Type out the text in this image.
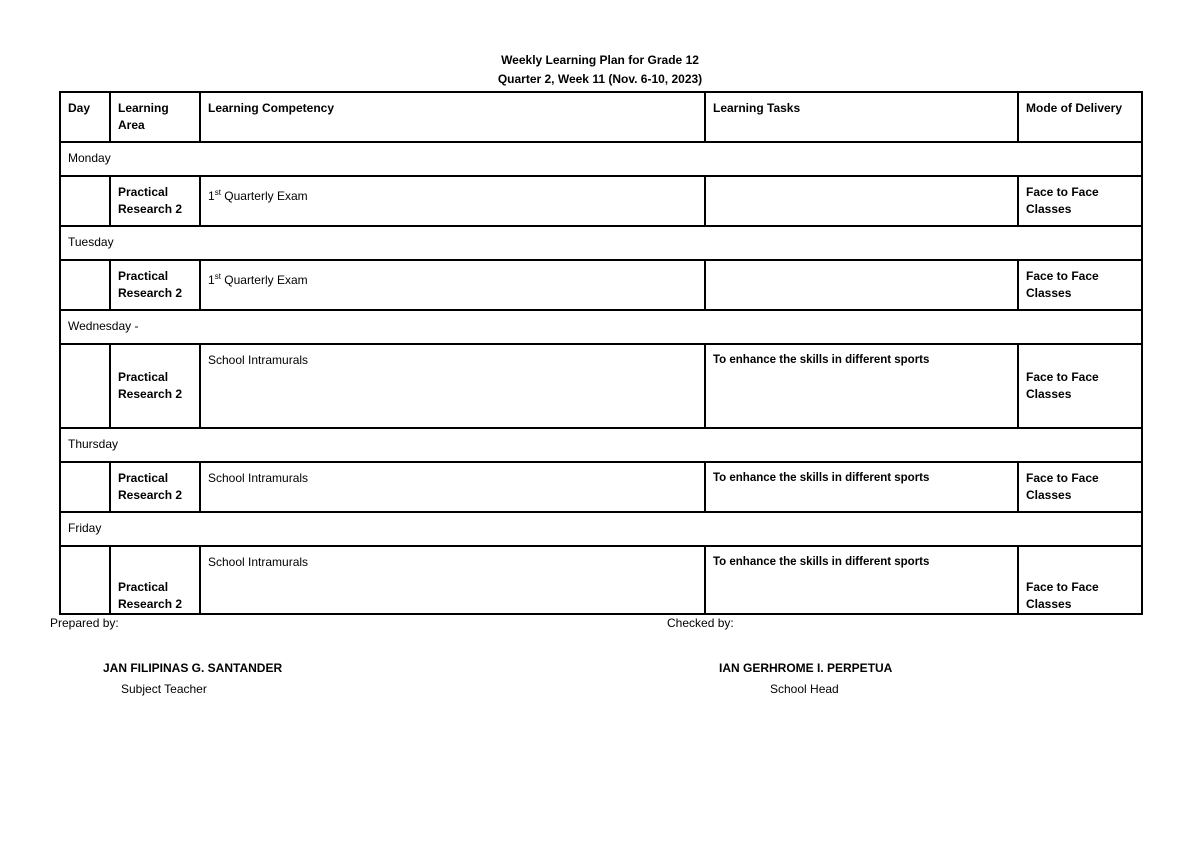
Weekly Learning Plan for Grade 12
Quarter 2, Week 11 (Nov. 6-10, 2023)
Day	Learning Area	Learning Competency	Learning Tasks	Mode of Delivery
Monday				
	Practical Research 2	1st Quarterly Exam		Face to Face Classes
Tuesday				
	Practical Research 2	1st Quarterly Exam		Face to Face Classes
Wednesday -				
	Practical Research 2	School Intramurals	To enhance the skills in different sports	Face to Face Classes
Thursday				
	Practical Research 2	School Intramurals	To enhance the skills in different sports	Face to Face Classes
Friday				
	Practical Research 2	School Intramurals	To enhance the skills in different sports	Face to Face Classes
Prepared by:
JAN FILIPINAS G. SANTANDER
Subject Teacher
Checked by:
IAN GERHROME I. PERPETUA
School Head
